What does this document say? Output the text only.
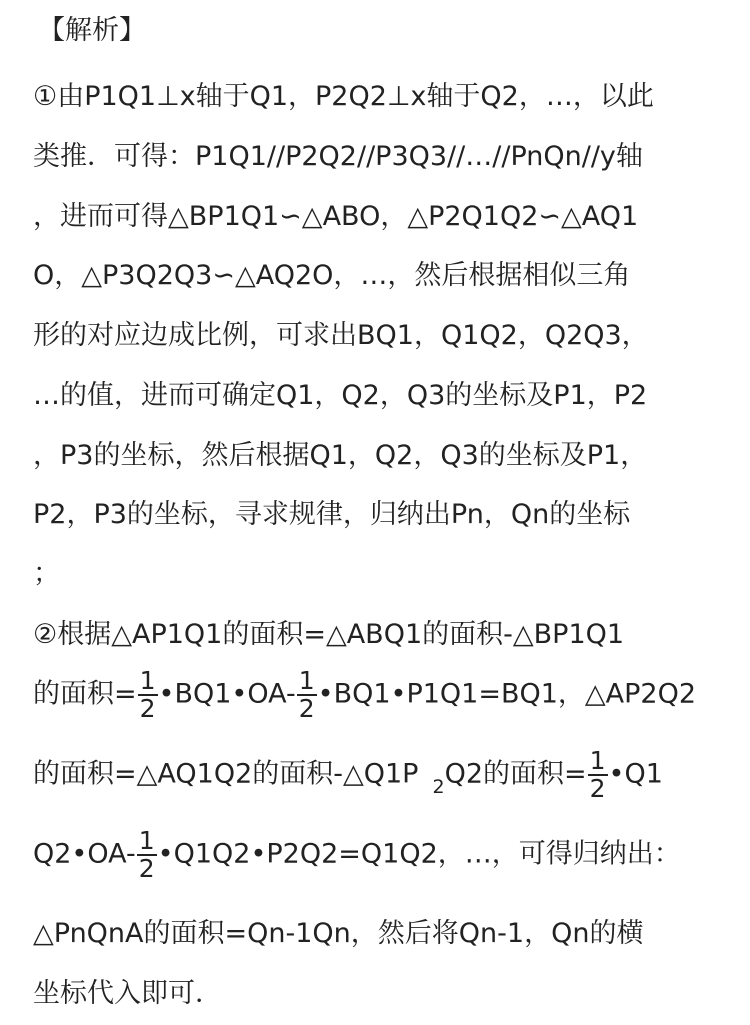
【解析】
①由P1Q1⊥x轴于Q1，P2Q2⊥x轴于Q2，…，以此
类推．可得：P1Q1//P2Q2//P3Q3//…//PnQn//y轴
，进而可得△BP1Q1∽△ABO，△P2Q1Q2∽△AQ1
O，△P3Q2Q3∽△AQ2O，…，然后根据相似三角
形的对应边成比例，可求出BQ1，Q1Q2，Q2Q3，
…的值，进而可确定Q1，Q2，Q3的坐标及P1，P2
，P3的坐标，然后根据Q1，Q2，Q3的坐标及P1，
P2，P3的坐标，寻求规律，归纳出Pn，Qn的坐标
；
②根据△AP1Q1的面积=△ABQ1的面积-△BP1Q1
的面积= $\frac{1}{2}$ •BQ1•OA- $\frac{1}{2}$ •BQ1•P1Q1=BQ1，△AP2Q2
的面积=△AQ1Q2的面积-△Q1P $_2$Q2的面积= $\frac{1}{2}$ •Q1
Q2•OA- $\frac{1}{2}$ •Q1Q2•P2Q2=Q1Q2，…，可得归纳出：
△PnQnA的面积=Qn-1Qn，然后将Qn-1，Qn的横
坐标代入即可．
